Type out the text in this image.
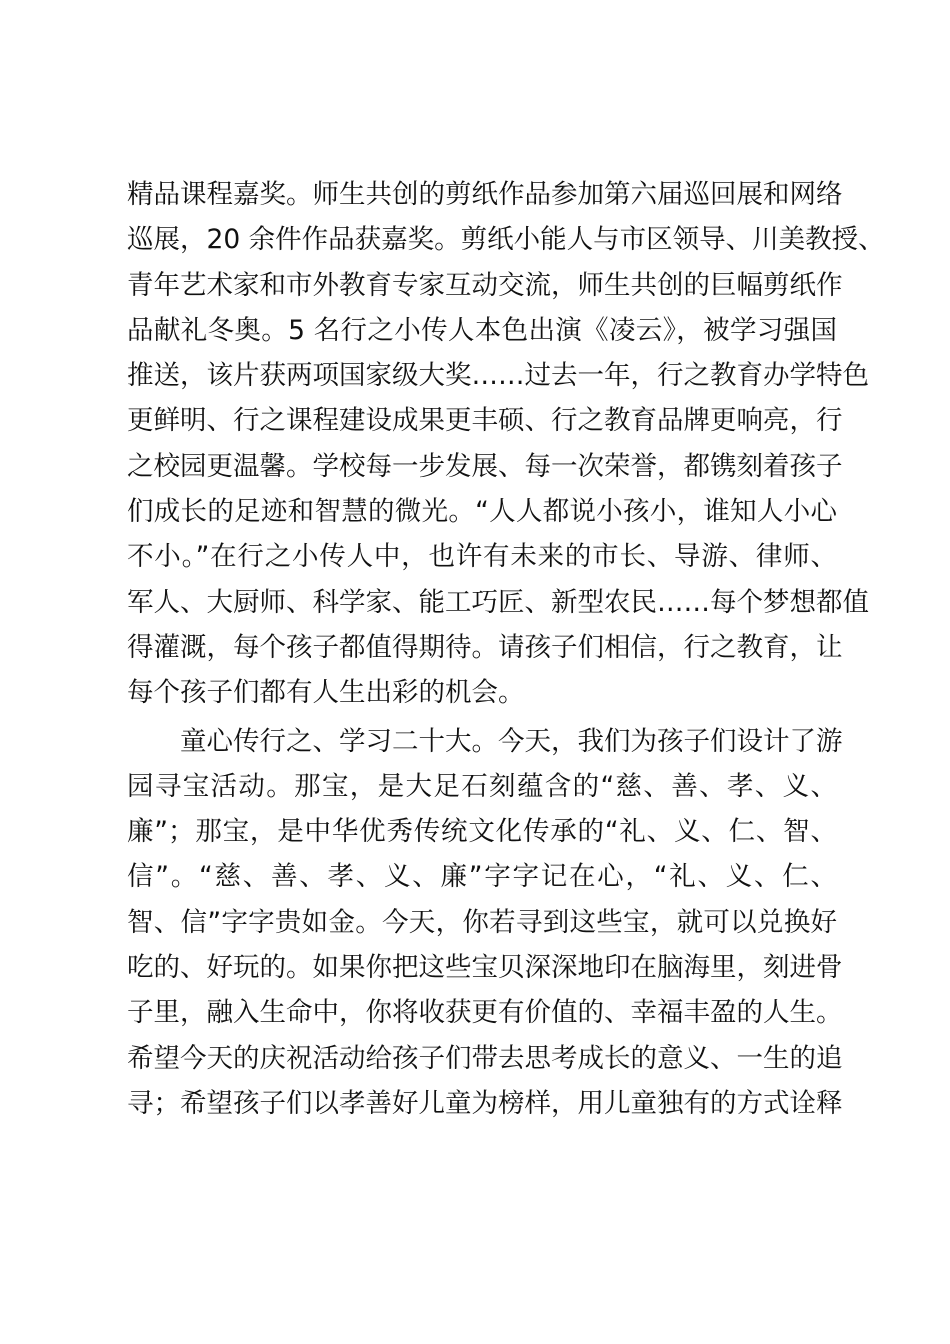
精品课程嘉奖。师生共创的剪纸作品参加第六届巡回展和网络
巡展，20 余件作品获嘉奖。剪纸小能人与市区领导、川美教授、
青年艺术家和市外教育专家互动交流，师生共创的巨幅剪纸作
品献礼冬奥。5 名行之小传人本色出演《凌云》，被学习强国
推送，该片获两项国家级大奖……过去一年，行之教育办学特色
更鲜明、行之课程建设成果更丰硕、行之教育品牌更响亮，行
之校园更温馨。学校每一步发展、每一次荣誉，都镌刻着孩子
们成长的足迹和智慧的微光。“人人都说小孩小，谁知人小心
不小。”在行之小传人中，也许有未来的市长、导游、律师、
军人、大厨师、科学家、能工巧匠、新型农民……每个梦想都值
得灌溉，每个孩子都值得期待。请孩子们相信，行之教育，让
每个孩子们都有人生出彩的机会。
童心传行之、学习二十大。今天，我们为孩子们设计了游
园寻宝活动。那宝，是大足石刻蕴含的“慈、善、孝、义、
廉”；那宝，是中华优秀传统文化传承的“礼、义、仁、智、
信”。“慈、善、孝、义、廉”字字记在心，“礼、义、仁、
智、信”字字贵如金。今天，你若寻到这些宝，就可以兑换好
吃的、好玩的。如果你把这些宝贝深深地印在脑海里，刻进骨
子里，融入生命中，你将收获更有价值的、幸福丰盈的人生。
希望今天的庆祝活动给孩子们带去思考成长的意义、一生的追
寻；希望孩子们以孝善好儿童为榜样，用儿童独有的方式诠释
